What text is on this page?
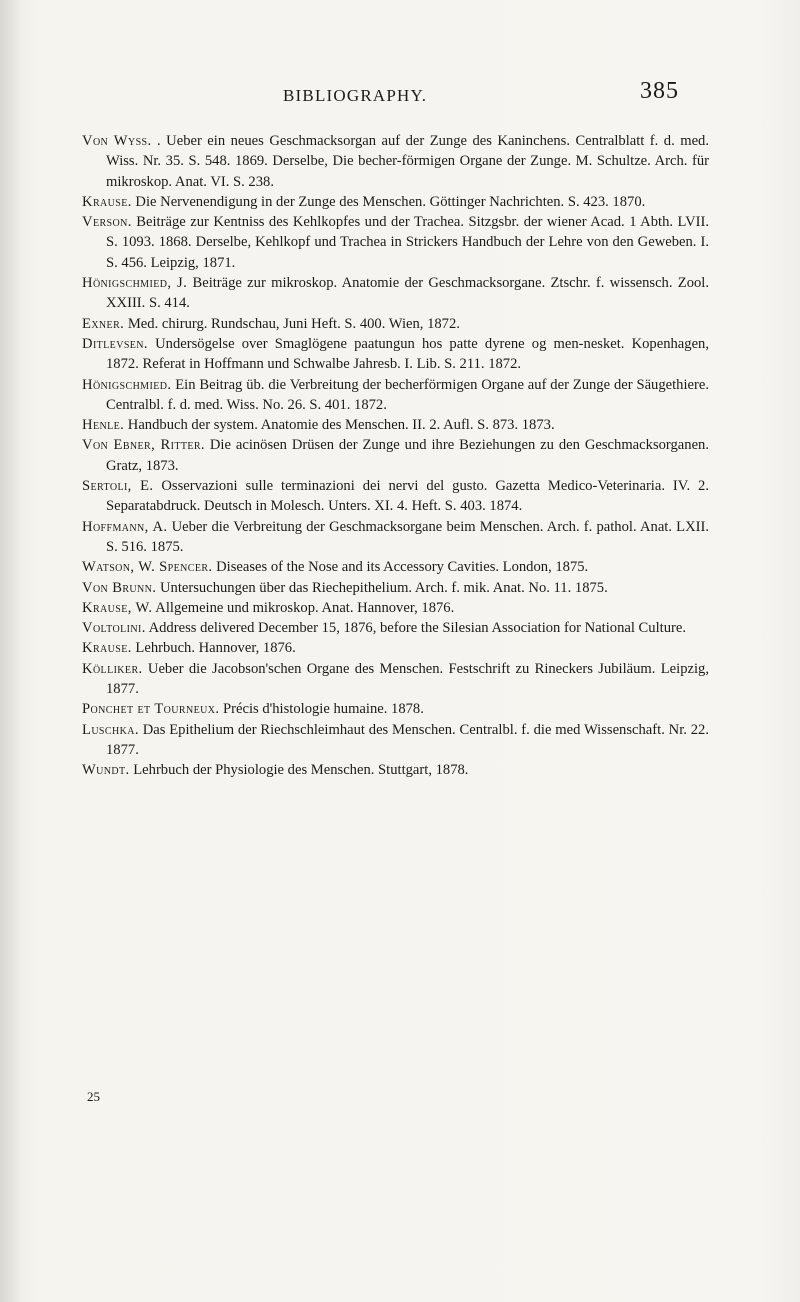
BIBLIOGRAPHY.	385
Von Wyss. . Ueber ein neues Geschmacksorgan auf der Zunge des Kaninchens. Centralblatt f. d. med. Wiss. Nr. 35. S. 548. 1869. Derselbe, Die becher-förmigen Organe der Zunge. M. Schultze. Arch. für mikroskop. Anat. VI. S. 238.
Krause. Die Nervenendigung in der Zunge des Menschen. Göttinger Nachrichten. S. 423. 1870.
Verson. Beiträge zur Kentniss des Kehlkopfes und der Trachea. Sitzgsbr. der wiener Acad. 1 Abth. LVII. S. 1093. 1868. Derselbe, Kehlkopf und Trachea in Strickers Handbuch der Lehre von den Geweben. I. S. 456. Leipzig, 1871.
Hönigschmied, J. Beiträge zur mikroskop. Anatomie der Geschmacksorgane. Ztschr. f. wissensch. Zool. XXIII. S. 414.
Exner. Med. chirurg. Rundschau, Juni Heft. S. 400. Wien, 1872.
Ditlevsen. Undersögelse over Smaglögene paatungun hos patte dyrene og men-nesket. Kopenhagen, 1872. Referat in Hoffmann und Schwalbe Jahresb. I. Lib. S. 211. 1872.
Hönigschmied. Ein Beitrag üb. die Verbreitung der becherförmigen Organe auf der Zunge der Säugethiere. Centralbl. f. d. med. Wiss. No. 26. S. 401. 1872.
Henle. Handbuch der system. Anatomie des Menschen. II. 2. Aufl. S. 873. 1873.
Von Ebner, Ritter. Die acinösen Drüsen der Zunge und ihre Beziehungen zu den Geschmacksorganen. Gratz, 1873.
Sertoli, E. Osservazioni sulle terminazioni dei nervi del gusto. Gazetta Medico-Veterinaria. IV. 2. Separatabdruck. Deutsch in Molesch. Unters. XI. 4. Heft. S. 403. 1874.
Hoffmann, A. Ueber die Verbreitung der Geschmacksorgane beim Menschen. Arch. f. pathol. Anat. LXII. S. 516. 1875.
Watson, W. Spencer. Diseases of the Nose and its Accessory Cavities. London, 1875.
Von Brunn. Untersuchungen über das Riechepithelium. Arch. f. mik. Anat. No. 11. 1875.
Krause, W. Allgemeine und mikroskop. Anat. Hannover, 1876.
Voltolini. Address delivered December 15, 1876, before the Silesian Association for National Culture.
Krause. Lehrbuch. Hannover, 1876.
Kölliker. Ueber die Jacobson'schen Organe des Menschen. Festschrift zu Rineckers Jubiläum. Leipzig, 1877.
Ponchet et Tourneux. Précis d'histologie humaine. 1878.
Luschka. Das Epithelium der Riechschleimhaut des Menschen. Centralbl. f. die med Wissenschaft. Nr. 22. 1877.
Wundt. Lehrbuch der Physiologie des Menschen. Stuttgart, 1878.
25
